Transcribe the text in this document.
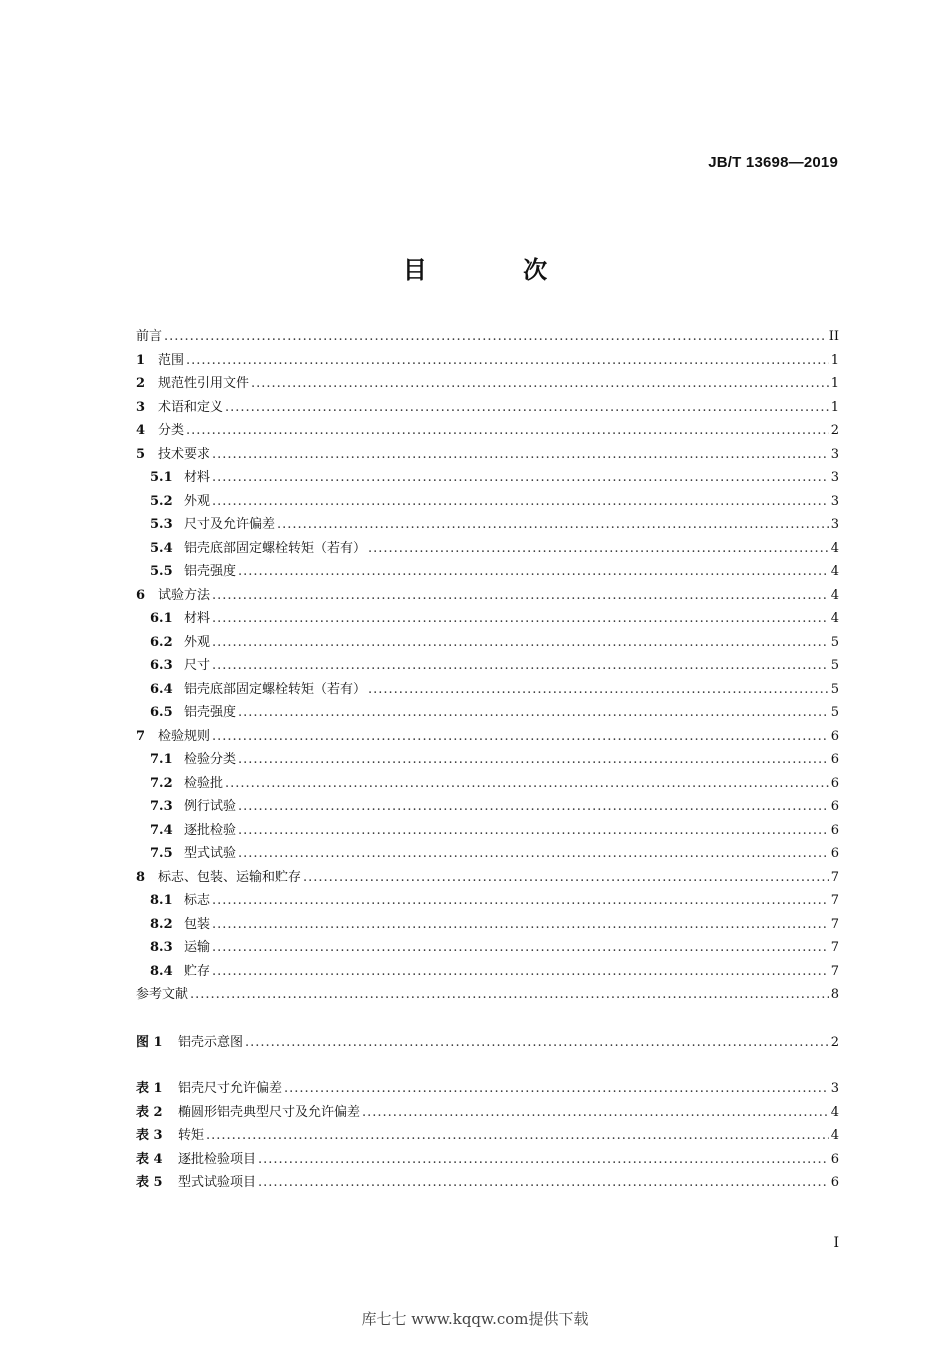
JB/T 13698—2019
目 次
前言 .....	II
1 范围 .....	1
2 规范性引用文件 .....	1
3 术语和定义 .....	1
4 分类 .....	2
5 技术要求 .....	3
5.1 材料 .....	3
5.2 外观 .....	3
5.3 尺寸及允许偏差 .....	3
5.4 铝壳底部固定螺栓转矩（若有） .....	4
5.5 铝壳强度 .....	4
6 试验方法 .....	4
6.1 材料 .....	4
6.2 外观 .....	5
6.3 尺寸 .....	5
6.4 铝壳底部固定螺栓转矩（若有） .....	5
6.5 铝壳强度 .....	5
7 检验规则 .....	6
7.1 检验分类 .....	6
7.2 检验批 .....	6
7.3 例行试验 .....	6
7.4 逐批检验 .....	6
7.5 型式试验 .....	6
8 标志、包装、运输和贮存 .....	7
8.1 标志 .....	7
8.2 包装 .....	7
8.3 运输 .....	7
8.4 贮存 .....	7
参考文献 .....	8
图 1	铝壳示意图 .....	2
表 1	铝壳尺寸允许偏差 .....	3
表 2	椭圆形铝壳典型尺寸及允许偏差 .....	4
表 3	转矩 .....	4
表 4	逐批检验项目 .....	6
表 5	型式试验项目 .....	6
I
库七七 www.kqqw.com提供下载
